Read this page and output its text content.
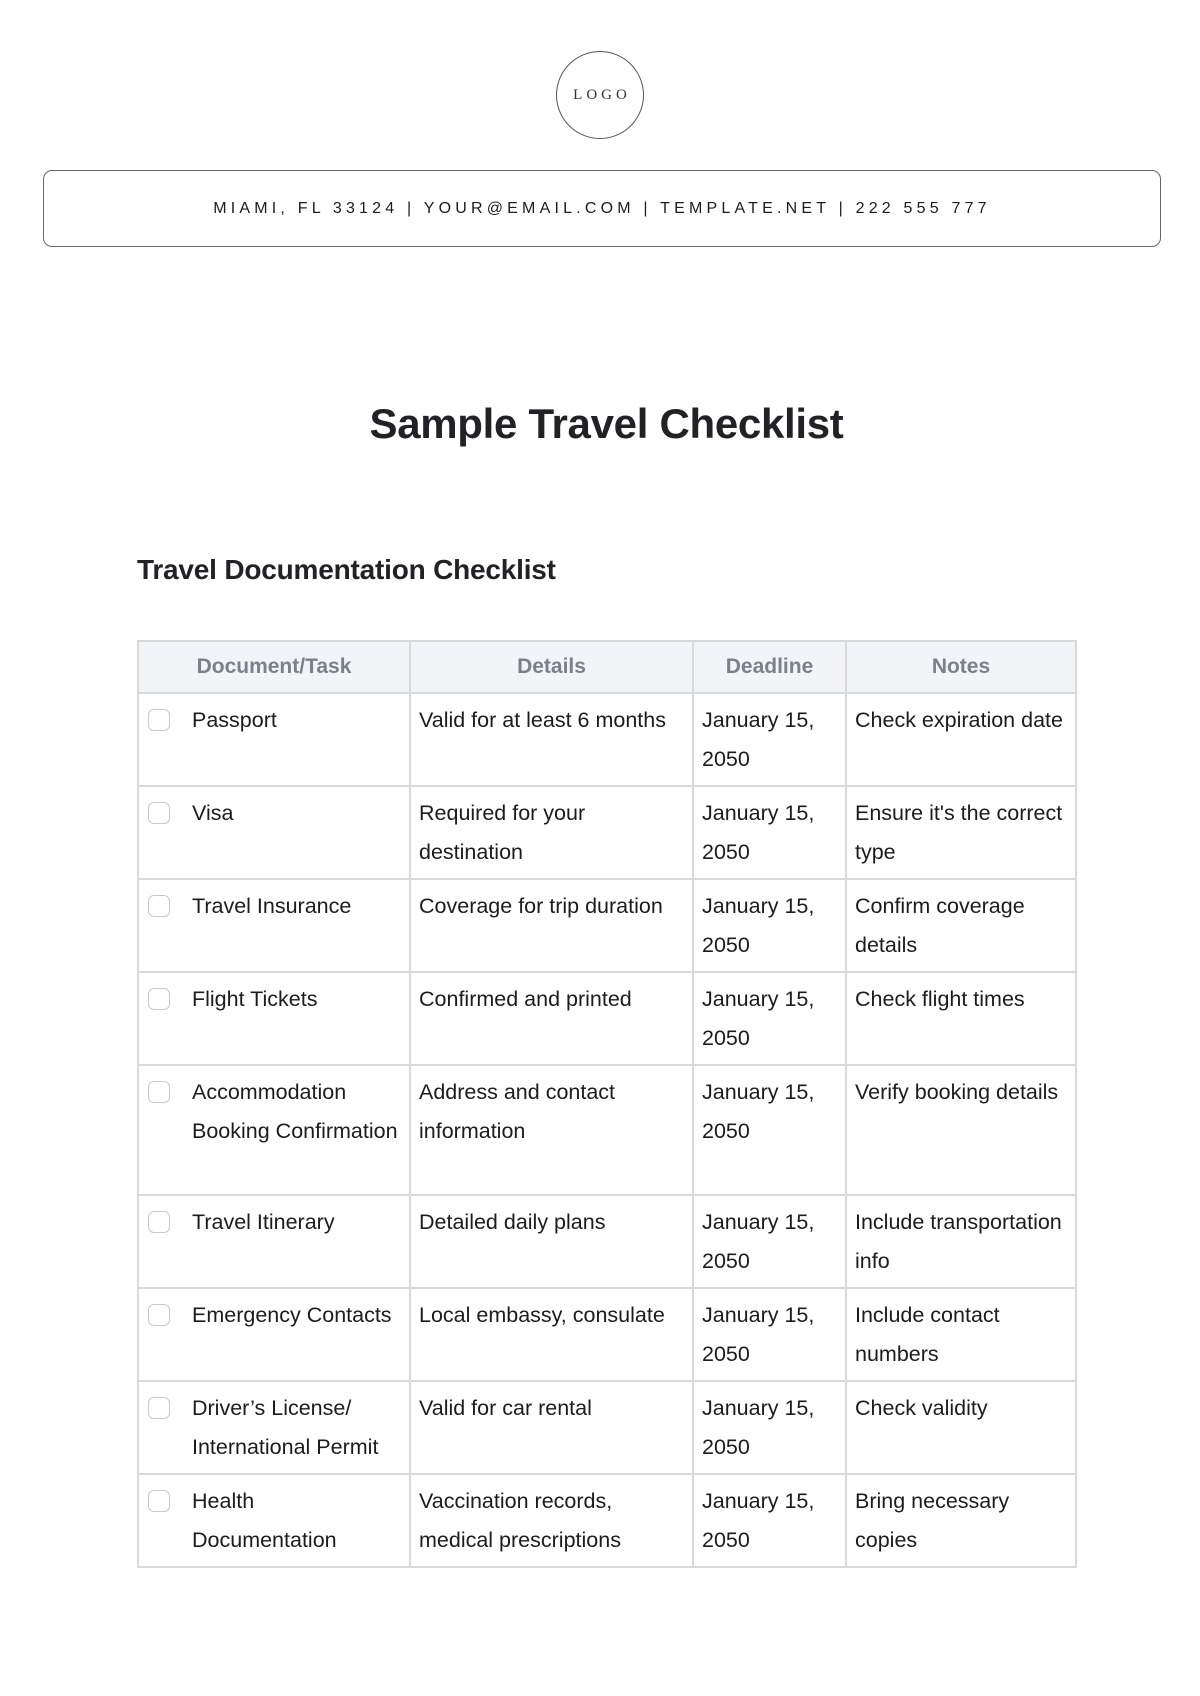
LOGO
MIAMI, FL 33124 | YOUR@EMAIL.COM | TEMPLATE.NET | 222 555 777
Sample Travel Checklist
Travel Documentation Checklist
Document/Task	Details	Deadline	Notes

Passport	Valid for at least 6 months	January 15, 2050	Check expiration date

Visa	Required for your destination	January 15, 2050	Ensure it's the correct type

Travel Insurance	Coverage for trip duration	January 15, 2050	Confirm coverage details

Flight Tickets	Confirmed and printed	January 15, 2050	Check flight times

Accommodation Booking Confirmation	Address and contact information	January 15, 2050	Verify booking details

Travel Itinerary	Detailed daily plans	January 15, 2050	Include transportation info

Emergency Contacts	Local embassy, consulate	January 15, 2050	Include contact numbers

Driver’s License/ International Permit	Valid for car rental	January 15, 2050	Check validity

Health Documentation	Vaccination records, medical prescriptions	January 15, 2050	Bring necessary copies
